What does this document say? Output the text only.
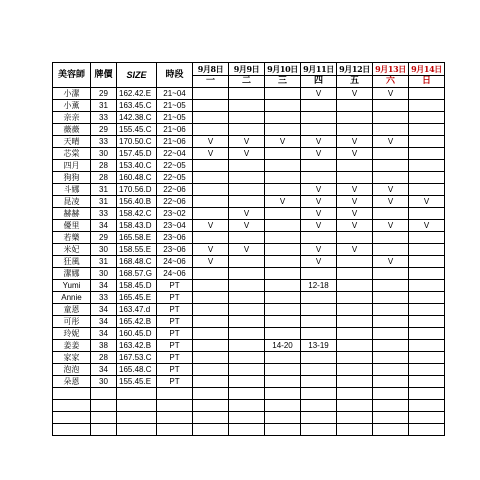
美容師	牌價	SIZE	時段	9月8日	9月9日	9月10日	9月11日	9月12日	9月13日	9月14日
				一	二	三	四	五	六	日
小潔	29	162.42.E	21~04				V	V	V	
小薰	31	163.45.C	21~05							
亲亲	33	142.38.C	21~05							
薇薇	29	155.45.C	21~06							
天晴	33	170.50.C	21~06	V	V	V	V	V	V	
芯棠	30	157.45.D	22~04	V	V		V	V		
四月	28	153.40.C	22~05							
狗狗	28	160.48.C	22~05							
斗娜	31	170.56.D	22~06				V	V	V	
昆凌	31	156.40.B	22~06			V	V	V	V	V
赫赫	33	158.42.C	23~02		V		V	V		
優里	34	158.43.D	23~04	V	V		V	V	V	V
若樂	29	165.58.E	23~06							
米妃	30	158.55.E	23~06	V	V		V	V		
狂風	31	168.48.C	24~06	V			V		V	
潔娜	30	168.57.G	24~06							
Yumi	34	158.45.D	PT				12-18			
Annie	33	165.45.E	PT							
童恩	34	163.47.d	PT							
可彤	34	165.42.B	PT							
玲妮	34	160.45.D	PT							
姜姜	38	163.42.B	PT			14-20	13-19			
家家	28	167.53.C	PT							
泡泡	34	165.48.C	PT							
朵恩	30	155.45.E	PT							
